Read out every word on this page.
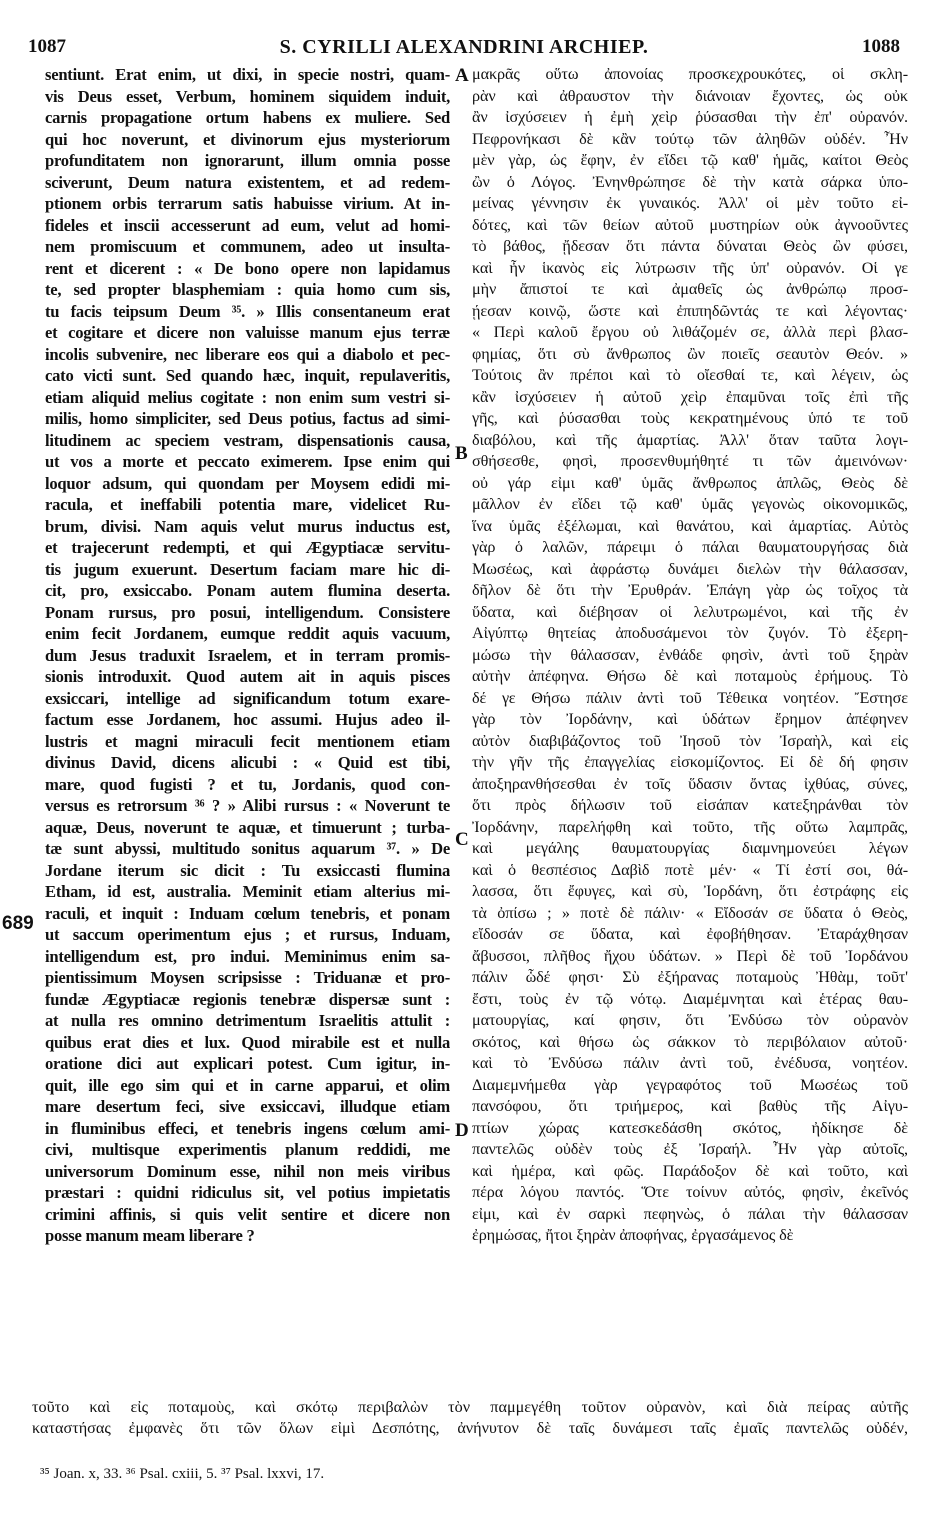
1087	S. CYRILLI ALEXANDRINI ARCHIEP.	1088
sentiunt. Erat enim, ut dixi, in specie nostri, quam-
vis Deus esset, Verbum, hominem siquidem induit,
carnis propagatione ortum habens ex muliere. Sed
qui hoc noverunt, et divinorum ejus mysteriorum
profunditatem non ignorarunt, illum omnia posse
sciverunt, Deum natura existentem, et ad redem-
ptionem orbis terrarum satis habuisse virium. At in-
fideles et inscii accesserunt ad eum, velut ad homi-
nem promiscuum et communem, adeo ut insulta-
rent et dicerent : « De bono opere non lapidamus
te, sed propter blasphemiam : quia homo cum sis,
tu facis teipsum Deum ³⁵. » Illis consentaneum erat
et cogitare et dicere non valuisse manum ejus terræ
incolis subvenire, nec liberare eos qui a diabolo et pec-
cato victi sunt. Sed quando hæc, inquit, repulaveritis,
etiam aliquid melius cogitate : non enim sum vestri si-
milis, homo simpliciter, sed Deus potius, factus ad simi-
litudinem ac speciem vestram, dispensationis causa,
ut vos a morte et peccato eximerem. Ipse enim qui
loquor adsum, qui quondam per Moysem edidi mi-
racula, et ineffabili potentia mare, videlicet Ru-
brum, divisi. Nam aquis velut murus inductus est,
et trajecerunt redempti, et qui Ægyptiacæ servitu-
tis jugum exuerunt. Desertum faciam mare hic di-
cit, pro, exsiccabo. Ponam autem flumina deserta.
Ponam rursus, pro posui, intelligendum. Consistere
enim fecit Jordanem, eumque reddit aquis vacuum,
dum Jesus traduxit Israelem, et in terram promis-
sionis introduxit. Quod autem ait in aquis pisces
exsiccari, intellige ad significandum totum exare-
factum esse Jordanem, hoc assumi. Hujus adeo il-
lustris et magni miraculi fecit mentionem etiam
divinus David, dicens alicubi : « Quid est tibi,
mare, quod fugisti ? et tu, Jordanis, quod con-
versus es retrorsum ³⁶ ? » Alibi rursus : « Noverunt te
aquæ, Deus, noverunt te aquæ, et timuerunt ; turba-
tæ sunt abyssi, multitudo sonitus aquarum ³⁷. » De
Jordane iterum sic dicit : Tu exsiccasti flumina
Etham, id est, australia. Meminit etiam alterius mi-
raculi, et inquit : Induam cœlum tenebris, et ponam
ut saccum operimentum ejus ; et rursus, Induam,
intelligendum est, pro indui. Meminimus enim sa-
pientissimum Moysen scripsisse : Triduanæ et pro-
fundæ Ægyptiacæ regionis tenebræ dispersæ sunt :
at nulla res omnino detrimentum Israelitis attulit :
quibus erat dies et lux. Quod mirabile est et nulla
oratione dici aut explicari potest. Cum igitur, in-
quit, ille ego sim qui et in carne apparui, et olim
mare desertum feci, sive exsiccavi, illudque etiam
in fluminibus effeci, et tenebris ingens cœlum ami-
civi, multisque experimentis planum reddidi, me
universorum Dominum esse, nihil non meis viribus
præstari : quidni ridiculus sit, vel potius impietatis
crimini affinis, si quis velit sentire et dicere non
posse manum meam liberare ?
μακρᾶς οὕτω ἀπονοίας προσκεχρουκότες, οἱ σκλη-
ρὰν καὶ ἀθραυστον τὴν διάνοιαν ἔχοντες, ὡς οὐκ
ἂν ἰσχύσειεν ἡ ἐμὴ χεὶρ ῥύσασθαι τὴν ἐπ' οὐρανόν.
Πεφρονήκασι δὲ κἂν τούτῳ τῶν ἀληθῶν οὐδέν. Ἦν
μὲν γὰρ, ὡς ἔφην, ἐν εἴδει τῷ καθ' ἡμᾶς, καίτοι Θεὸς
ὢν ὁ Λόγος. Ἐνηνθρώπησε δὲ τὴν κατὰ σάρκα ὑπο-
μείνας γέννησιν ἐκ γυναικός. Ἀλλ' οἱ μὲν τοῦτο εἰ-
δότες, καὶ τῶν θείων αὐτοῦ μυστηρίων οὐκ ἀγνοοῦντες
τὸ βάθος, ᾔδεσαν ὅτι πάντα δύναται Θεὸς ὢν φύσει,
καὶ ἦν ἱκανὸς εἰς λύτρωσιν τῆς ὑπ' οὐρανόν. Οἱ γε
μὴν ἄπιστοί τε καὶ ἀμαθεῖς ὡς ἀνθρώπῳ προσ-
ῄεσαν κοινῷ, ὥστε καὶ ἐπιπηδῶντάς τε καὶ λέγοντας·
« Περὶ καλοῦ ἔργου οὐ λιθάζομέν σε, ἀλλὰ περὶ βλασ-
φημίας, ὅτι σὺ ἄνθρωπος ὢν ποιεῖς σεαυτὸν Θεόν. »
Τούτοις ἂν πρέποι καὶ τὸ οἴεσθαί τε, καὶ λέγειν, ὡς
κἂν ἰσχύσειεν ἡ αὐτοῦ χεὶρ ἐπαμῦναι τοῖς ἐπὶ τῆς
γῆς, καὶ ῥύσασθαι τοὺς κεκρατημένους ὑπό τε τοῦ
διαβόλου, καὶ τῆς ἁμαρτίας. Ἀλλ' ὅταν ταῦτα λογι-
σθήσεσθε, φησὶ, προσενθυμήθητέ τι τῶν ἀμεινόνων·
οὐ γάρ εἰμι καθ' ὑμᾶς ἄνθρωπος ἁπλῶς, Θεὸς δὲ
μᾶλλον ἐν εἴδει τῷ καθ' ὑμᾶς γεγονὼς οἰκονομικῶς,
ἵνα ὑμᾶς ἐξέλωμαι, καὶ θανάτου, καὶ ἁμαρτίας. Αὐτὸς
γὰρ ὁ λαλῶν, πάρειμι ὁ πάλαι θαυματουργήσας διὰ
Μωσέως, καὶ ἀφράστῳ δυνάμει διελὼν τὴν θάλασσαν,
δῆλον δὲ ὅτι τὴν Ἐρυθράν. Ἐπάγη γὰρ ὡς τοῖχος τὰ
ὕδατα, καὶ διέβησαν οἱ λελυτρωμένοι, καὶ τῆς ἐν
Αἰγύπτῳ θητείας ἀποδυσάμενοι τὸν ζυγόν. Τὸ ἐξερη-
μώσω τὴν θάλασσαν, ἐνθάδε φησὶν, ἀντὶ τοῦ ξηρὰν
αὐτὴν ἀπέφηνα. Θήσω δὲ καὶ ποταμοὺς ἐρήμους. Τὸ
δέ γε Θήσω πάλιν ἀντὶ τοῦ Τέθεικα νοητέον. Ἔστησε
γὰρ τὸν Ἰορδάνην, καὶ ὑδάτων ἔρημον ἀπέφηνεν
αὐτὸν διαβιβάζοντος τοῦ Ἰησοῦ τὸν Ἰσραὴλ, καὶ εἰς
τὴν γῆν τῆς ἐπαγγελίας εἰσκομίζοντος. Εἰ δὲ δή φησιν
ἀποξηρανθήσεσθαι ἐν τοῖς ὕδασιν ὄντας ἰχθύας, σύνες,
ὅτι πρὸς δήλωσιν τοῦ εἰσάπαν κατεξηράνθαι τὸν
Ἰορδάνην, παρελήφθη καὶ τοῦτο, τῆς οὕτω λαμπρᾶς,
καὶ μεγάλης θαυματουργίας διαμνημονεύει λέγων
καὶ ὁ θεσπέσιος Δαβὶδ ποτὲ μέν· « Τί ἐστί σοι, θά-
λασσα, ὅτι ἔφυγες, καὶ σὺ, Ἰορδάνη, ὅτι ἐστράφης εἰς
τὰ ὀπίσω ; » ποτὲ δὲ πάλιν· « Εἴδοσάν σε ὕδατα ὁ Θεὸς,
εἴδοσάν σε ὕδατα, καὶ ἐφοβήθησαν. Ἐταράχθησαν
ἄβυσσοι, πλῆθος ἤχου ὑδάτων. » Περὶ δὲ τοῦ Ἰορδάνου
πάλιν ὧδέ φησι· Σὺ ἐξήρανας ποταμοὺς Ἠθὰμ, τοῦτ'
ἔστι, τοὺς ἐν τῷ νότῳ. Διαμέμνηται καὶ ἑτέρας θαυ-
ματουργίας, καί φησιν, ὅτι Ἐνδύσω τὸν οὐρανὸν
σκότος, καὶ θήσω ὡς σάκκον τὸ περιβόλαιον αὐτοῦ·
καὶ τὸ Ἐνδύσω πάλιν ἀντὶ τοῦ, ἐνέδυσα, νοητέον.
Διαμεμνήμεθα γὰρ γεγραφότος τοῦ Μωσέως τοῦ
πανσόφου, ὅτι τριήμερος, καὶ βαθὺς τῆς Αἰγυ-
πτίων χώρας κατεσκεδάσθη σκότος, ἠδίκησε δὲ
παντελῶς οὐδὲν τοὺς ἐξ Ἰσραήλ. Ἦν γὰρ αὐτοῖς,
καὶ ἡμέρα, καὶ φῶς. Παράδοξον δὲ καὶ τοῦτο, καὶ
πέρα λόγου παντός. Ὅτε τοίνυν αὐτός, φησὶν, ἐκεῖνός
εἰμι, καὶ ἐν σαρκὶ πεφηνὼς, ὁ πάλαι τὴν θάλασσαν
ἐρημώσας, ἤτοι ξηρὰν ἀποφήνας, ἐργασάμενος δὲ
A
B
C
D
689
τοῦτο καὶ εἰς ποταμοὺς, καὶ σκότῳ περιβαλὼν τὸν παμμεγέθη τοῦτον οὐρανὸν, καὶ διὰ πείρας αὐτῆς
καταστήσας ἐμφανὲς ὅτι τῶν ὅλων εἰμὶ Δεσπότης, ἀνήνυτον δὲ ταῖς δυνάμεσι ταῖς ἐμαῖς παντελῶς οὐδέν,
³⁵ Joan. x, 33. ³⁶ Psal. cxiii, 5. ³⁷ Psal. lxxvi, 17.
